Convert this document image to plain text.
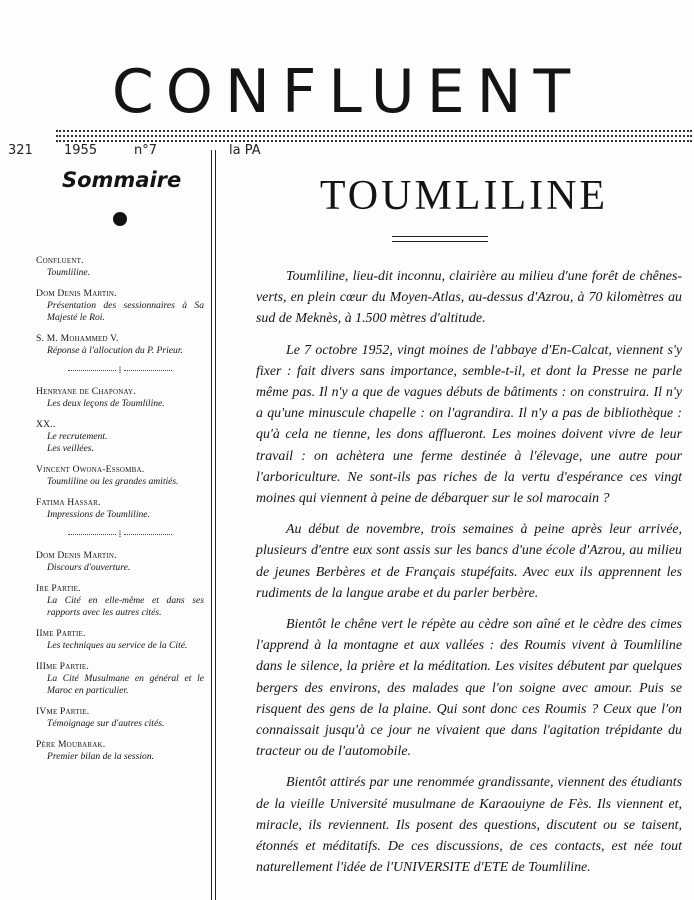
CONFLUENT
321 1955	n°7	la PA
Sommaire
Confluent.
Toumliline.
Dom Denis Martin.
Présentation des sessionnaires à Sa Majesté le Roi.
S. M. Mohammed V.
Réponse à l'allocution du P. Prieur.
⁞
Henryane de Chaponay.
Les deux leçons de Toumliline.
XX..
Le recrutement.
Les veillées.
Vincent Owona-Essomba.
Toumliline ou les grandes amitiés.
Fatima Hassar.
Impressions de Toumliline.
⁞
Dom Denis Martin.
Discours d'ouverture.
Ire Partie.
La Cité en elle-même et dans ses rapports avec les autres cités.
IIme Partie.
Les techniques au service de la Cité.
IIIme Partie.
La Cité Musulmane en général et le Maroc en particulier.
IVme Partie.
Témoignage sur d'autres cités.
Père Moubarak.
Premier bilan de la session.
TOUMLILINE

Toumliline, lieu-dit inconnu, clairière au milieu d'une forêt de chênes-verts, en plein cœur du Moyen-Atlas, au-dessus d'Azrou, à 70 kilomètres au sud de Meknès, à 1.500 mètres d'altitude.

Le 7 octobre 1952, vingt moines de l'abbaye d'En-Calcat, viennent s'y fixer : fait divers sans importance, semble-t-il, et dont la Presse ne parle même pas. Il n'y a que de vagues débuts de bâtiments : on construira. Il n'y a qu'une minuscule chapelle : on l'agrandira. Il n'y a pas de bibliothèque : qu'à cela ne tienne, les dons afflueront. Les moines doivent vivre de leur travail : on achètera une ferme destinée à l'élevage, une autre pour l'arboriculture. Ne sont-ils pas riches de la vertu d'espérance ces vingt moines qui viennent à peine de débarquer sur le sol marocain ?

Au début de novembre, trois semaines à peine après leur arrivée, plusieurs d'entre eux sont assis sur les bancs d'une école d'Azrou, au milieu de jeunes Berbères et de Français stupéfaits. Avec eux ils apprennent les rudiments de la langue arabe et du parler berbère.

Bientôt le chêne vert le répète au cèdre son aîné et le cèdre des cimes l'apprend à la montagne et aux vallées : des Roumis vivent à Toumliline dans le silence, la prière et la méditation. Les visites débutent par quelques bergers des environs, des malades que l'on soigne avec amour. Puis se risquent des gens de la plaine. Qui sont donc ces Roumis ? Ceux que l'on connaissait jusqu'à ce jour ne vivaient que dans l'agitation trépidante du tracteur ou de l'automobile.

Bientôt attirés par une renommée grandissante, viennent des étudiants de la vieille Université musulmane de Karaouiyne de Fès. Ils viennent et, miracle, ils reviennent. Ils posent des questions, discutent ou se taisent, étonnés et méditatifs. De ces discussions, de ces contacts, est née tout naturellement l'idée de l'UNIVERSITE d'ETE de Toumliline.
